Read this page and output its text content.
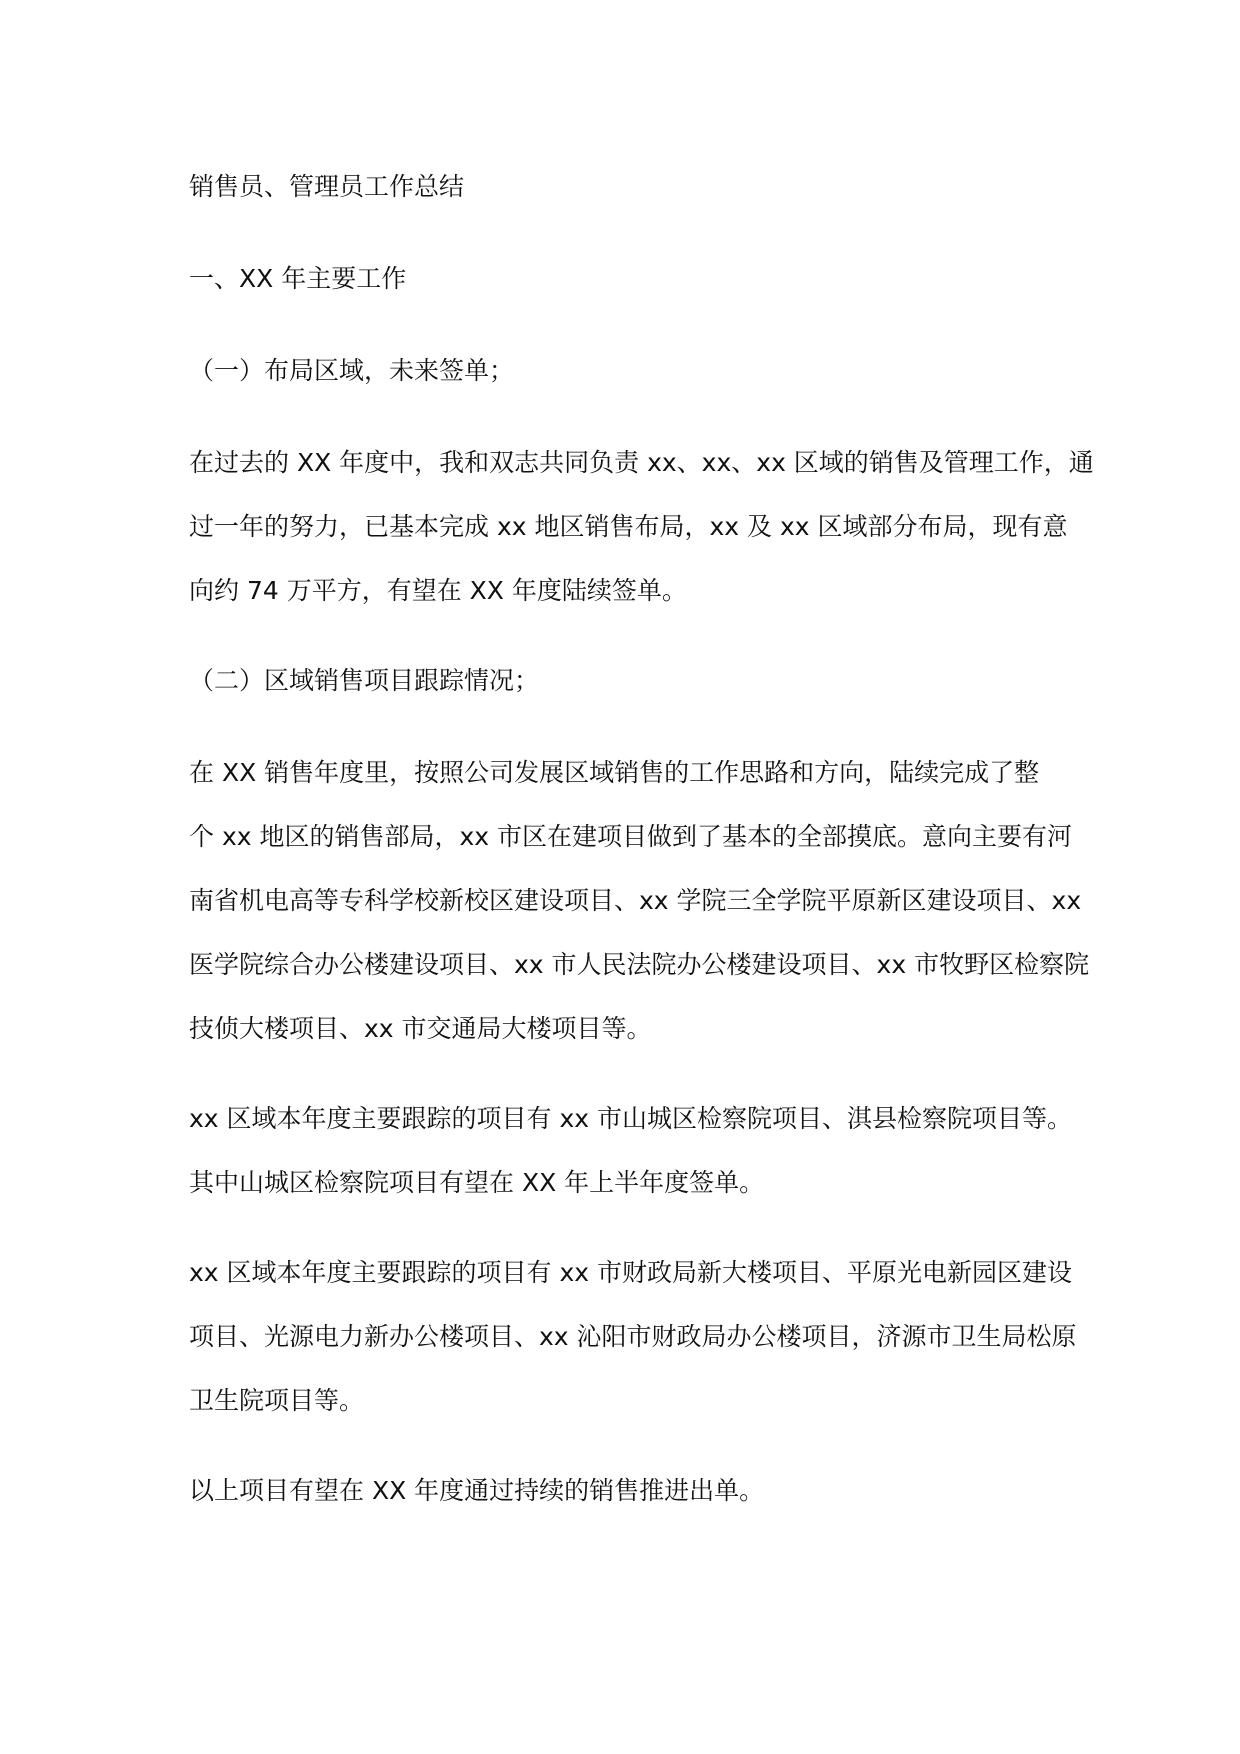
销售员、管理员工作总结
一、XX 年主要工作
（一）布局区域，未来签单；
在过去的 XX 年度中，我和双志共同负责 xx、xx、xx 区域的销售及管理工作，通
过一年的努力，已基本完成 xx 地区销售布局，xx 及 xx 区域部分布局，现有意
向约 74 万平方，有望在 XX 年度陆续签单。
（二）区域销售项目跟踪情况；
在 XX 销售年度里，按照公司发展区域销售的工作思路和方向，陆续完成了整
个 xx 地区的销售部局，xx 市区在建项目做到了基本的全部摸底。意向主要有河
南省机电高等专科学校新校区建设项目、xx 学院三全学院平原新区建设项目、xx
医学院综合办公楼建设项目、xx 市人民法院办公楼建设项目、xx 市牧野区检察院
技侦大楼项目、xx 市交通局大楼项目等。
xx 区域本年度主要跟踪的项目有 xx 市山城区检察院项目、淇县检察院项目等。
其中山城区检察院项目有望在 XX 年上半年度签单。
xx 区域本年度主要跟踪的项目有 xx 市财政局新大楼项目、平原光电新园区建设
项目、光源电力新办公楼项目、xx 沁阳市财政局办公楼项目，济源市卫生局松原
卫生院项目等。
以上项目有望在 XX 年度通过持续的销售推进出单。
